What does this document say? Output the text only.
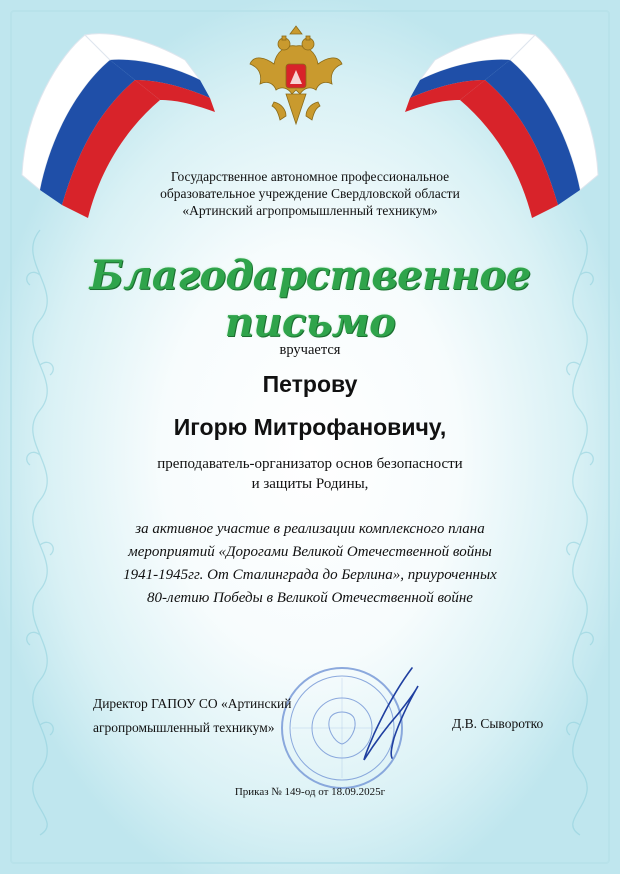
Государственное автономное профессиональное
образовательное учреждение Свердловской области
«Артинский агропромышленный техникум»
Благодарственное письмо
вручается
Петрову
Игорю Митрофановичу,
преподаватель-организатор основ безопасности
и защиты Родины,
за активное участие в реализации комплексного плана
мероприятий «Дорогами Великой Отечественной войны
1941-1945гг. От Сталинграда до Берлина», приуроченных
80-летию Победы в Великой Отечественной войне
Директор ГАПОУ СО «Артинский
агропромышленный техникум»	Д.В. Сыворотко
Приказ № 149-од от 18.09.2025г
